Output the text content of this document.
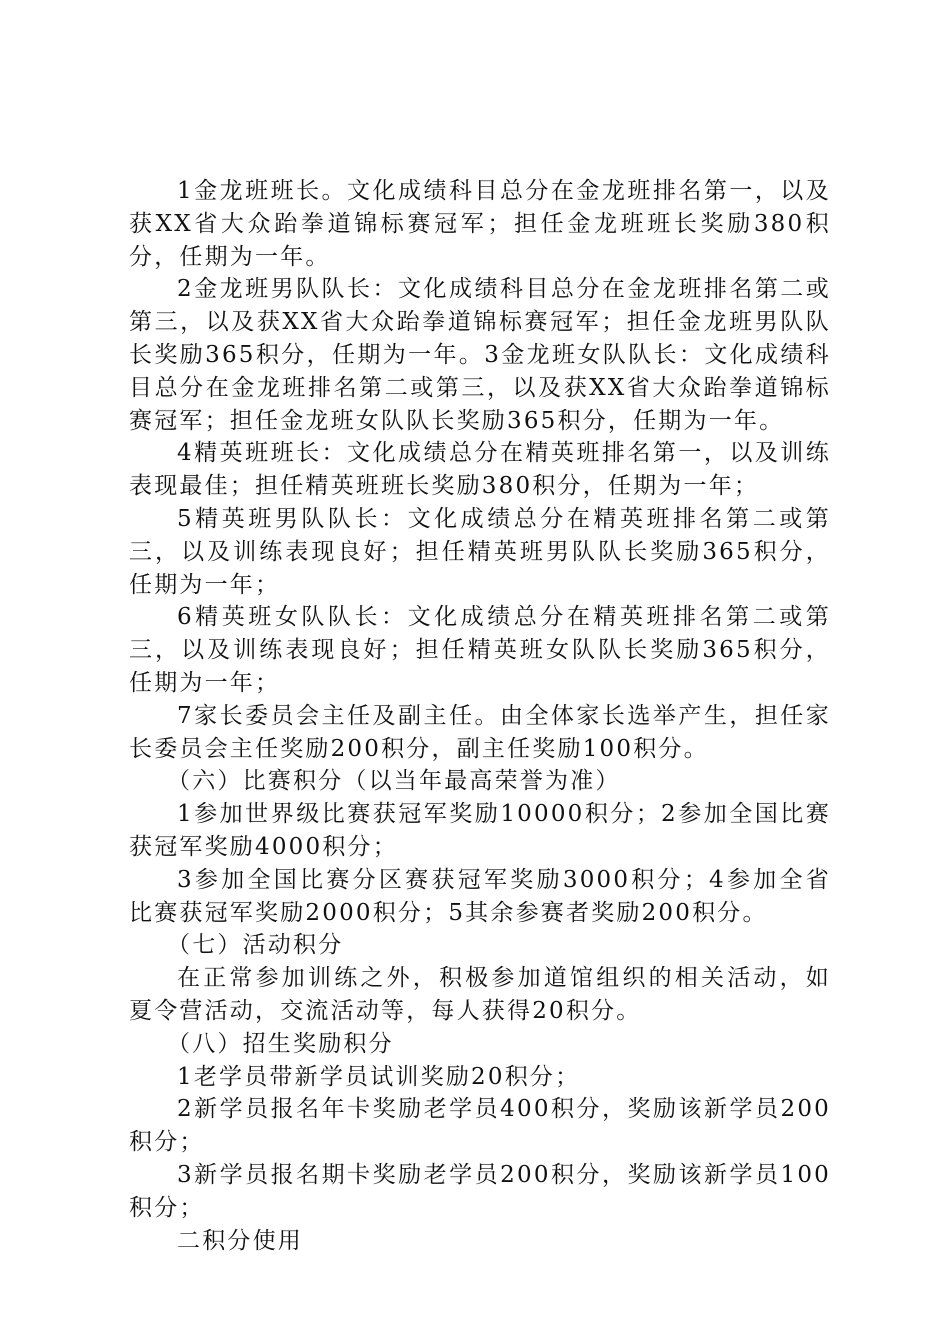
1金龙班班长。文化成绩科目总分在金龙班排名第一，以及获XX省大众跆拳道锦标赛冠军；担任金龙班班长奖励380积分，任期为一年。

2金龙班男队队长：文化成绩科目总分在金龙班排名第二或第三，以及获XX省大众跆拳道锦标赛冠军；担任金龙班男队队长奖励365积分，任期为一年。3金龙班女队队长：文化成绩科目总分在金龙班排名第二或第三，以及获XX省大众跆拳道锦标赛冠军；担任金龙班女队队长奖励365积分，任期为一年。

4精英班班长：文化成绩总分在精英班排名第一，以及训练表现最佳；担任精英班班长奖励380积分，任期为一年；

5精英班男队队长：文化成绩总分在精英班排名第二或第三，以及训练表现良好；担任精英班男队队长奖励365积分，任期为一年；

6精英班女队队长：文化成绩总分在精英班排名第二或第三，以及训练表现良好；担任精英班女队队长奖励365积分，任期为一年；

7家长委员会主任及副主任。由全体家长选举产生，担任家长委员会主任奖励200积分，副主任奖励100积分。

（六）比赛积分（以当年最高荣誉为准）

1参加世界级比赛获冠军奖励10000积分；2参加全国比赛获冠军奖励4000积分；

3参加全国比赛分区赛获冠军奖励3000积分；4参加全省比赛获冠军奖励2000积分；5其余参赛者奖励200积分。

（七）活动积分

在正常参加训练之外，积极参加道馆组织的相关活动，如夏令营活动，交流活动等，每人获得20积分。

（八）招生奖励积分

1老学员带新学员试训奖励20积分；

2新学员报名年卡奖励老学员400积分，奖励该新学员200积分；

3新学员报名期卡奖励老学员200积分，奖励该新学员100积分；

二积分使用
